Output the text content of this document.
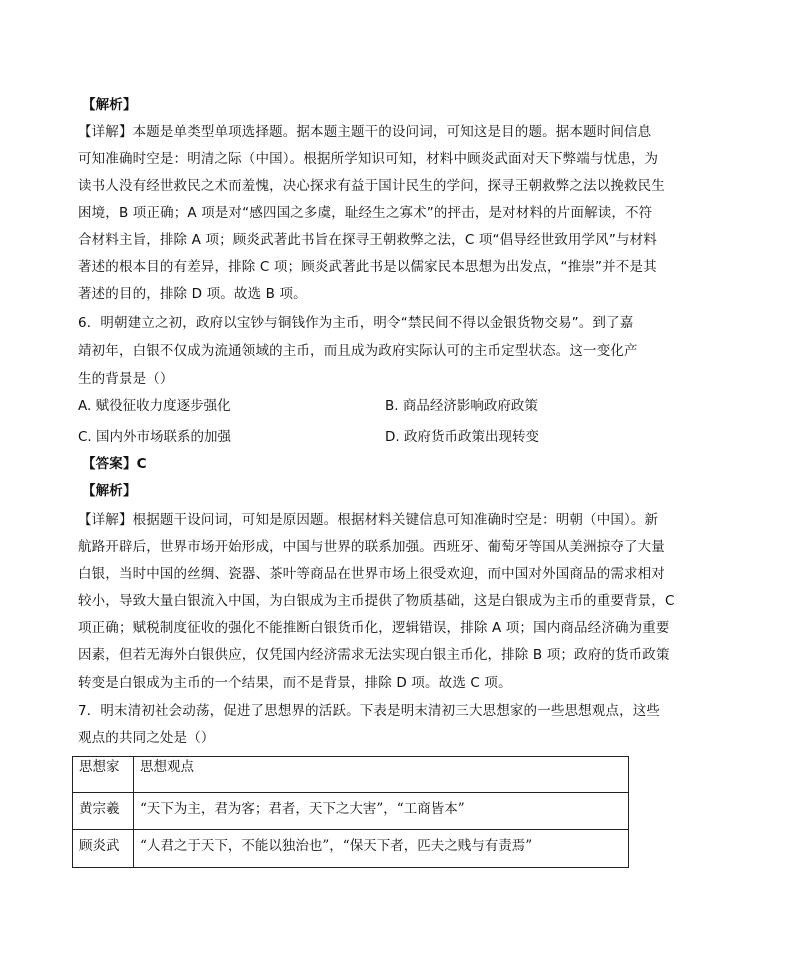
【解析】
【详解】本题是单类型单项选择题。据本题主题干的设问词，可知这是目的题。据本题时间信息
可知准确时空是：明清之际（中国）。根据所学知识可知，材料中顾炎武面对天下弊端与忧患，为
读书人没有经世救民之术而羞愧，决心探求有益于国计民生的学问，探寻王朝救弊之法以挽救民生
困境，B 项正确；A 项是对“感四国之多虞，耻经生之寡术”的抨击，是对材料的片面解读，不符
合材料主旨，排除 A 项；顾炎武著此书旨在探寻王朝救弊之法，C 项“倡导经世致用学风”与材料
著述的根本目的有差异，排除 C 项；顾炎武著此书是以儒家民本思想为出发点，“推崇”并不是其
著述的目的，排除 D 项。故选 B 项。
6．明朝建立之初，政府以宝钞与铜钱作为主币，明令“禁民间不得以金银货物交易”。到了嘉
靖初年，白银不仅成为流通领域的主币，而且成为政府实际认可的主币定型状态。这一变化产
生的背景是（）
A. 赋役征收力度逐步强化	B. 商品经济影响政府政策
C. 国内外市场联系的加强	D. 政府货币政策出现转变
【答案】C
【解析】
【详解】根据题干设问词，可知是原因题。根据材料关键信息可知准确时空是：明朝（中国）。新
航路开辟后，世界市场开始形成，中国与世界的联系加强。西班牙、葡萄牙等国从美洲掠夺了大量
白银，当时中国的丝绸、瓷器、茶叶等商品在世界市场上很受欢迎，而中国对外国商品的需求相对
较小，导致大量白银流入中国，为白银成为主币提供了物质基础，这是白银成为主币的重要背景，C
项正确；赋税制度征收的强化不能推断白银货币化，逻辑错误，排除 A 项；国内商品经济确为重要
因素，但若无海外白银供应，仅凭国内经济需求无法实现白银主币化，排除 B 项；政府的货币政策
转变是白银成为主币的一个结果，而不是背景，排除 D 项。故选 C 项。
7．明末清初社会动荡，促进了思想界的活跃。下表是明末清初三大思想家的一些思想观点，这些
观点的共同之处是（）
思想家	思想观点
黄宗羲	“天下为主，君为客；君者，天下之大害”，“工商皆本”
顾炎武	“人君之于天下，不能以独治也”，“保天下者，匹夫之贱与有责焉”
